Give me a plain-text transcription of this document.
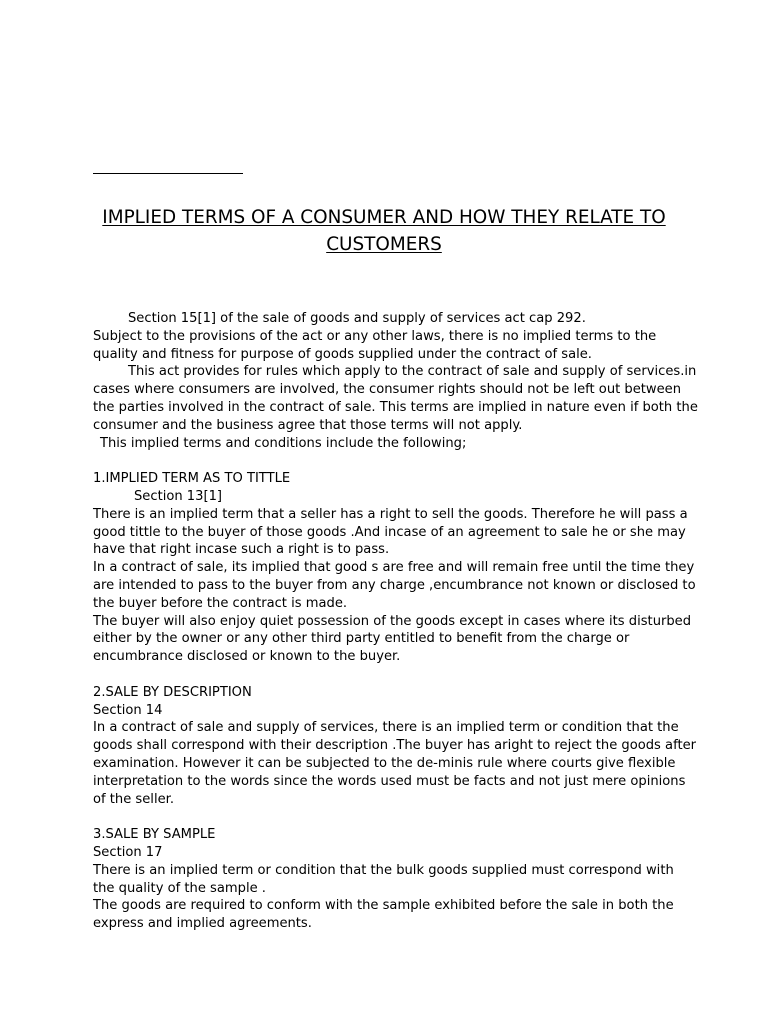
IMPLIED TERMS OF A CONSUMER AND HOW THEY RELATE TO
CUSTOMERS
Section 15[1] of the sale of goods and supply of services act cap 292.
Subject to the provisions of the act or any other laws, there is no implied terms to the
quality and fitness for purpose of goods supplied under the contract of sale.
This act provides for rules which apply to the contract of sale and supply of services.in
cases where consumers are involved, the consumer rights should not be left out between
the parties involved in the contract of sale. This terms are implied in nature even if both the
consumer and the business agree that those terms will not apply.
This implied terms and conditions include the following;
1.IMPLIED TERM AS TO TITTLE
Section 13[1]
There is an implied term that a seller has a right to sell the goods. Therefore he will pass a
good tittle to the buyer of those goods .And incase of an agreement to sale he or she may
have that right incase such a right is to pass.
In a contract of sale, its implied that good s are free and will remain free until the time they
are intended to pass to the buyer from any charge ,encumbrance not known or disclosed to
the buyer before the contract is made.
The buyer will also enjoy quiet possession of the goods except in cases where its disturbed
either by the owner or any other third party entitled to benefit from the charge or
encumbrance disclosed or known to the buyer.
2.SALE BY DESCRIPTION
Section 14
In a contract of sale and supply of services, there is an implied term or condition that the
goods shall correspond with their description .The buyer has aright to reject the goods after
examination. However it can be subjected to the de-minis rule where courts give flexible
interpretation to the words since the words used must be facts and not just mere opinions
of the seller.
3.SALE BY SAMPLE
Section 17
There is an implied term or condition that the bulk goods supplied must correspond with
the quality of the sample .
The goods are required to conform with the sample exhibited before the sale in both the
express and implied agreements.
